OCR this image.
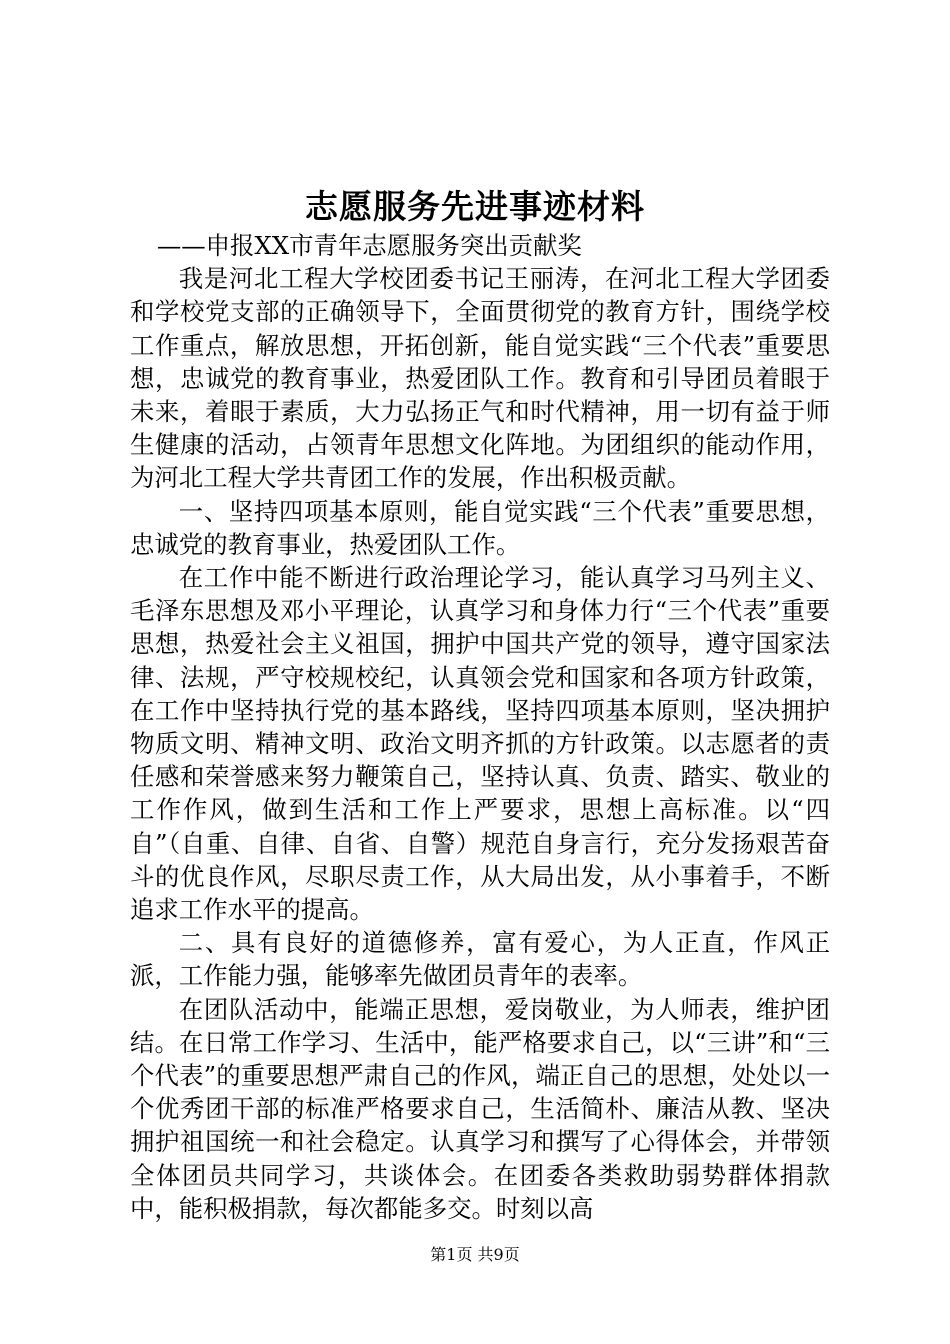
志愿服务先进事迹材料

——申报XX市青年志愿服务突出贡献奖

我是河北工程大学校团委书记王丽涛，在河北工程大学团委和学校党支部的正确领导下，全面贯彻党的教育方针，围绕学校工作重点，解放思想，开拓创新，能自觉实践“三个代表”重要思想，忠诚党的教育事业，热爱团队工作。教育和引导团员着眼于未来，着眼于素质，大力弘扬正气和时代精神，用一切有益于师生健康的活动，占领青年思想文化阵地。为团组织的能动作用，为河北工程大学共青团工作的发展，作出积极贡献。

一、坚持四项基本原则，能自觉实践“三个代表”重要思想，忠诚党的教育事业，热爱团队工作。

在工作中能不断进行政治理论学习，能认真学习马列主义、毛泽东思想及邓小平理论，认真学习和身体力行“三个代表”重要思想，热爱社会主义祖国，拥护中国共产党的领导，遵守国家法律、法规，严守校规校纪，认真领会党和国家和各项方针政策，在工作中坚持执行党的基本路线，坚持四项基本原则，坚决拥护物质文明、精神文明、政治文明齐抓的方针政策。以志愿者的责任感和荣誉感来努力鞭策自己，坚持认真、负责、踏实、敬业的工作作风，做到生活和工作上严要求，思想上高标准。以“四自”（自重、自律、自省、自警）规范自身言行，充分发扬艰苦奋斗的优良作风，尽职尽责工作，从大局出发，从小事着手，不断追求工作水平的提高。

二、具有良好的道德修养，富有爱心，为人正直，作风正派，工作能力强，能够率先做团员青年的表率。

在团队活动中，能端正思想，爱岗敬业，为人师表，维护团结。在日常工作学习、生活中，能严格要求自己，以“三讲”和“三个代表”的重要思想严肃自己的作风，端正自己的思想，处处以一个优秀团干部的标准严格要求自己，生活简朴、廉洁从教、坚决拥护祖国统一和社会稳定。认真学习和撰写了心得体会，并带领全体团员共同学习，共谈体会。在团委各类救助弱势群体捐款中，能积极捐款，每次都能多交。时刻以高

第1页 共9页
